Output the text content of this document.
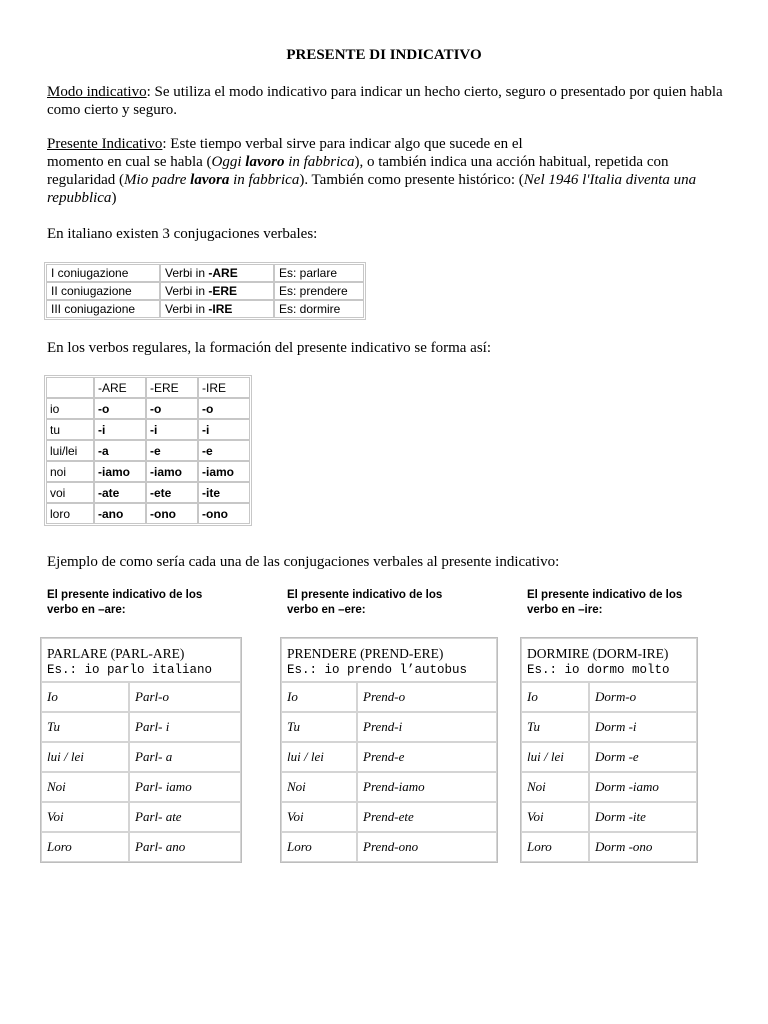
PRESENTE DI INDICATIVO
Modo indicativo: Se utiliza el modo indicativo para indicar un hecho cierto, seguro o presentado por quien habla como cierto y seguro.
Presente Indicativo: Este tiempo verbal sirve para indicar algo que sucede en el
momento en cual se habla (Oggi lavoro in fabbrica), o también indica una acción habitual, repetida con regularidad (Mio padre lavora in fabbrica). También como presente histórico: (Nel 1946 l'Italia diventa una repubblica)
En italiano existen 3 conjugaciones verbales:
I coniugazione	Verbi in -ARE	Es: parlare
II coniugazione	Verbi in -ERE	Es: prendere
III coniugazione	Verbi in -IRE	Es: dormire
En los verbos regulares, la formación del presente indicativo se forma así:
	-ARE	-ERE	-IRE
io	-o	-o	-o
tu	-i	-i	-i
lui/lei	-a	-e	-e
noi	-iamo	-iamo	-iamo
voi	-ate	-ete	-ite
loro	-ano	-ono	-ono
Ejemplo de como sería cada una de las conjugaciones verbales al presente indicativo:
El presente indicativo de los
verbo en –are:
PARLARE (PARL-ARE)
Es.: io parlo italiano	

Io	Parl-o
Tu	Parl- i
lui / lei	Parl- a
Noi	Parl- iamo
Voi	Parl- ate
Loro	Parl- ano
El presente indicativo de los
verbo en –ere:
PRENDERE (PREND-ERE)
Es.: io prendo l’autobus	

Io	Prend-o
Tu	Prend-i
lui / lei	Prend-e
Noi	Prend-iamo
Voi	Prend-ete
Loro	Prend-ono
El presente indicativo de los
verbo en –ire:
DORMIRE (DORM-IRE)
Es.: io dormo molto	

Io	Dorm-o
Tu	Dorm -i
lui / lei	Dorm -e
Noi	Dorm -iamo
Voi	Dorm -ite
Loro	Dorm -ono
